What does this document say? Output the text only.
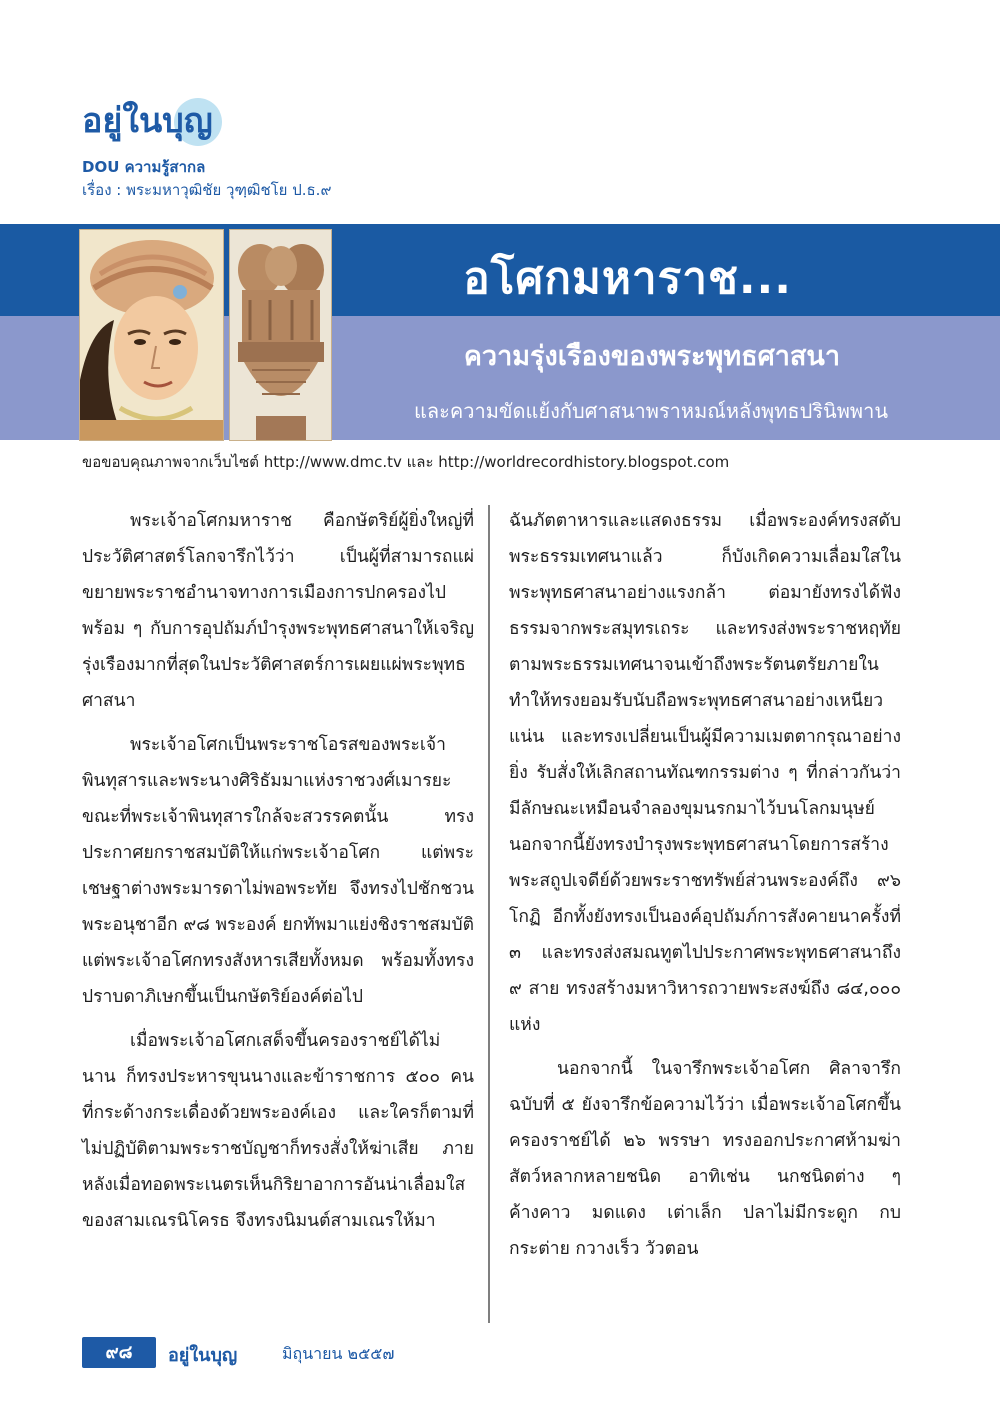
อยู่ในบุญ
DOU ความรู้สากล
เรื่อง : พระมหาวุฒิชัย วุฑฺฒิชโย ป.ธ.๙
อโศกมหาราช...
ความรุ่งเรืองของพระพุทธศาสนา
และความขัดแย้งกับศาสนาพราหมณ์หลังพุทธปรินิพพาน
ขอขอบคุณภาพจากเว็บไซต์ http://www.dmc.tv และ http://worldrecordhistory.blogspot.com

พระเจ้าอโศกมหาราช คือกษัตริย์ผู้ยิ่งใหญ่ที่ประวัติศาสตร์โลกจารึกไว้ว่า เป็นผู้ที่สามารถแผ่ขยายพระราชอำนาจทางการเมืองการปกครองไปพร้อม ๆ กับการอุปถัมภ์บำรุงพระพุทธศาสนาให้เจริญรุ่งเรืองมากที่สุดในประวัติศาสตร์การเผยแผ่พระพุทธศาสนา

พระเจ้าอโศกเป็นพระราชโอรสของพระเจ้าพินทุสารและพระนางศิริธัมมาแห่งราชวงศ์เมารยะ ขณะที่พระเจ้าพินทุสารใกล้จะสวรรคตนั้น ทรงประกาศยกราชสมบัติให้แก่พระเจ้าอโศก แต่พระเชษฐาต่างพระมารดาไม่พอพระทัย จึงทรงไปชักชวนพระอนุชาอีก ๙๘ พระองค์ ยกทัพมาแย่งชิงราชสมบัติ แต่พระเจ้าอโศกทรงสังหารเสียทั้งหมด พร้อมทั้งทรงปราบดาภิเษกขึ้นเป็นกษัตริย์องค์ต่อไป

เมื่อพระเจ้าอโศกเสด็จขึ้นครองราชย์ได้ไม่นาน ก็ทรงประหารขุนนางและข้าราชการ ๕๐๐ คน ที่กระด้างกระเดื่องด้วยพระองค์เอง และใครก็ตามที่ไม่ปฏิบัติตามพระราชบัญชาก็ทรงสั่งให้ฆ่าเสีย ภายหลังเมื่อทอดพระเนตรเห็นกิริยาอาการอันน่าเลื่อมใสของสามเณรนิโครธ จึงทรงนิมนต์สามเณรให้มา

ฉันภัตตาหารและแสดงธรรม เมื่อพระองค์ทรงสดับพระธรรมเทศนาแล้ว ก็บังเกิดความเลื่อมใสในพระพุทธศาสนาอย่างแรงกล้า ต่อมายังทรงได้ฟังธรรมจากพระสมุทรเถระ และทรงส่งพระราชหฤทัยตามพระธรรมเทศนาจนเข้าถึงพระรัตนตรัยภายใน ทำให้ทรงยอมรับนับถือพระพุทธศาสนาอย่างเหนียวแน่น และทรงเปลี่ยนเป็นผู้มีความเมตตากรุณาอย่างยิ่ง รับสั่งให้เลิกสถานทัณฑกรรมต่าง ๆ ที่กล่าวกันว่ามีลักษณะเหมือนจำลองขุมนรกมาไว้บนโลกมนุษย์ นอกจากนี้ยังทรงบำรุงพระพุทธศาสนาโดยการสร้างพระสถูปเจดีย์ด้วยพระราชทรัพย์ส่วนพระองค์ถึง ๙๖ โกฏิ อีกทั้งยังทรงเป็นองค์อุปถัมภ์การสังคายนาครั้งที่ ๓ และทรงส่งสมณทูตไปประกาศพระพุทธศาสนาถึง ๙ สาย ทรงสร้างมหาวิหารถวายพระสงฆ์ถึง ๘๔,๐๐๐ แห่ง

นอกจากนี้ ในจารึกพระเจ้าอโศก ศิลาจารึกฉบับที่ ๕ ยังจารึกข้อความไว้ว่า เมื่อพระเจ้าอโศกขึ้นครองราชย์ได้ ๒๖ พรรษา ทรงออกประกาศห้ามฆ่าสัตว์หลากหลายชนิด อาทิเช่น นกชนิดต่าง ๆ ค้างคาว มดแดง เต่าเล็ก ปลาไม่มีกระดูก กบ กระต่าย กวางเร็ว วัวตอน

๙๘	อยู่ในบุญ	มิถุนายน ๒๕๕๗
